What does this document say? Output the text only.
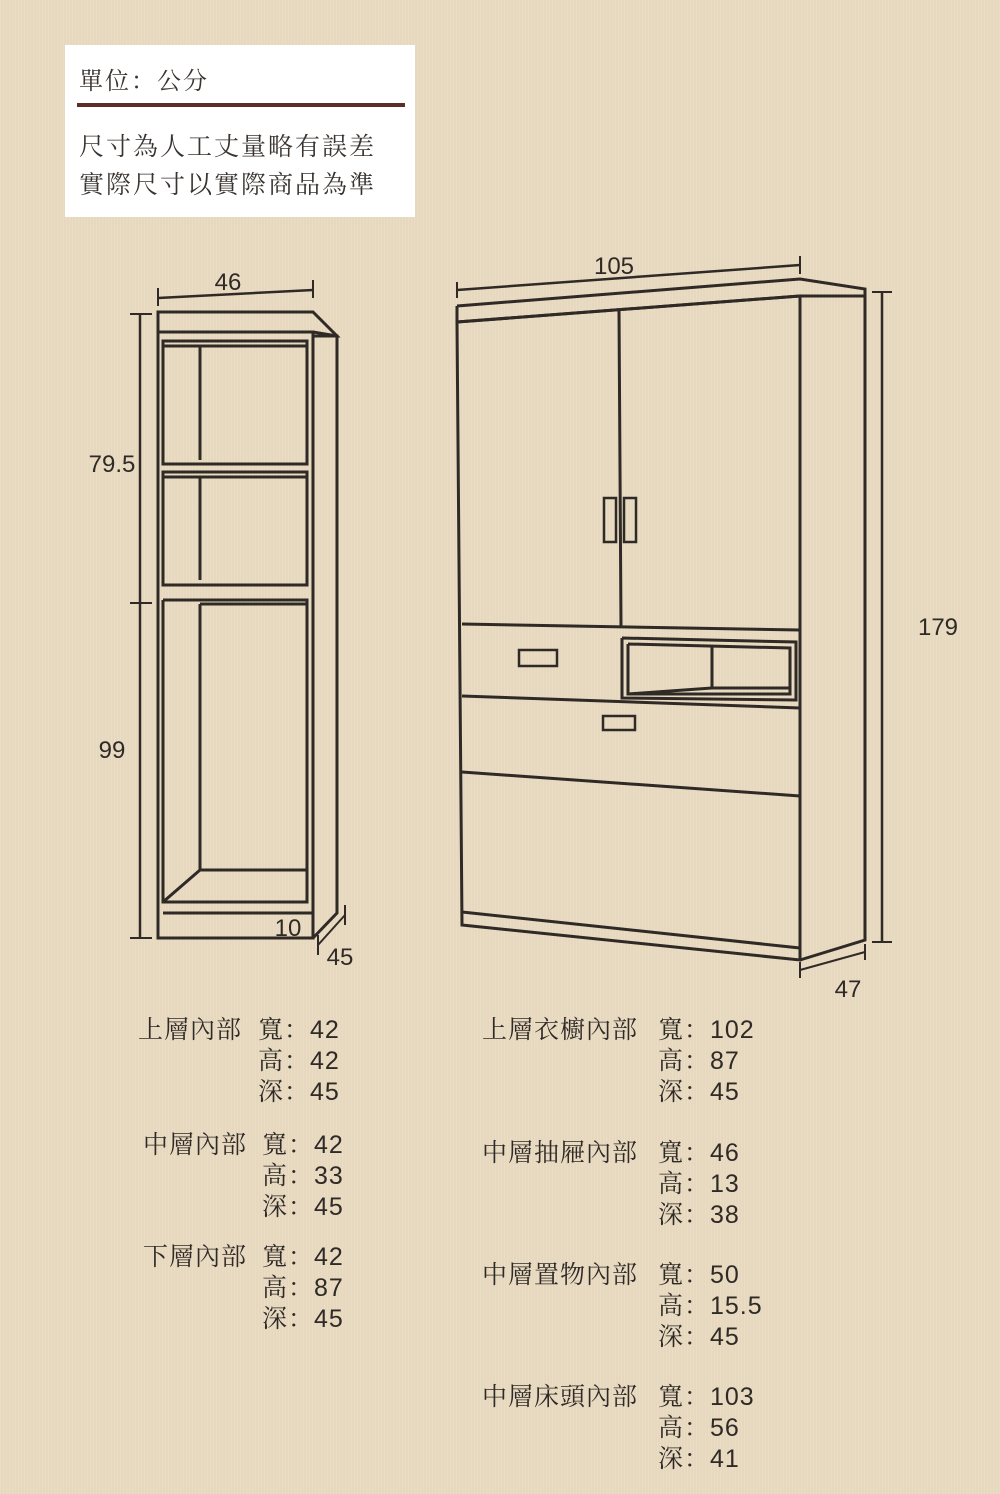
單位：公分
尺寸為人工丈量略有誤差
實際尺寸以實際商品為準
46
79.5
99
10
45
105
179
47
上層內部 寬：42
高：42
深：45
中層內部 寬：42
高：33
深：45
下層內部 寬：42
高：87
深：45
上層衣櫥內部 寬：102
高：87
深：45
中層抽屜內部 寬：46
高：13
深：38
中層置物內部 寬：50
高：15.5
深：45
中層床頭內部 寬：103
高：56
深：41
